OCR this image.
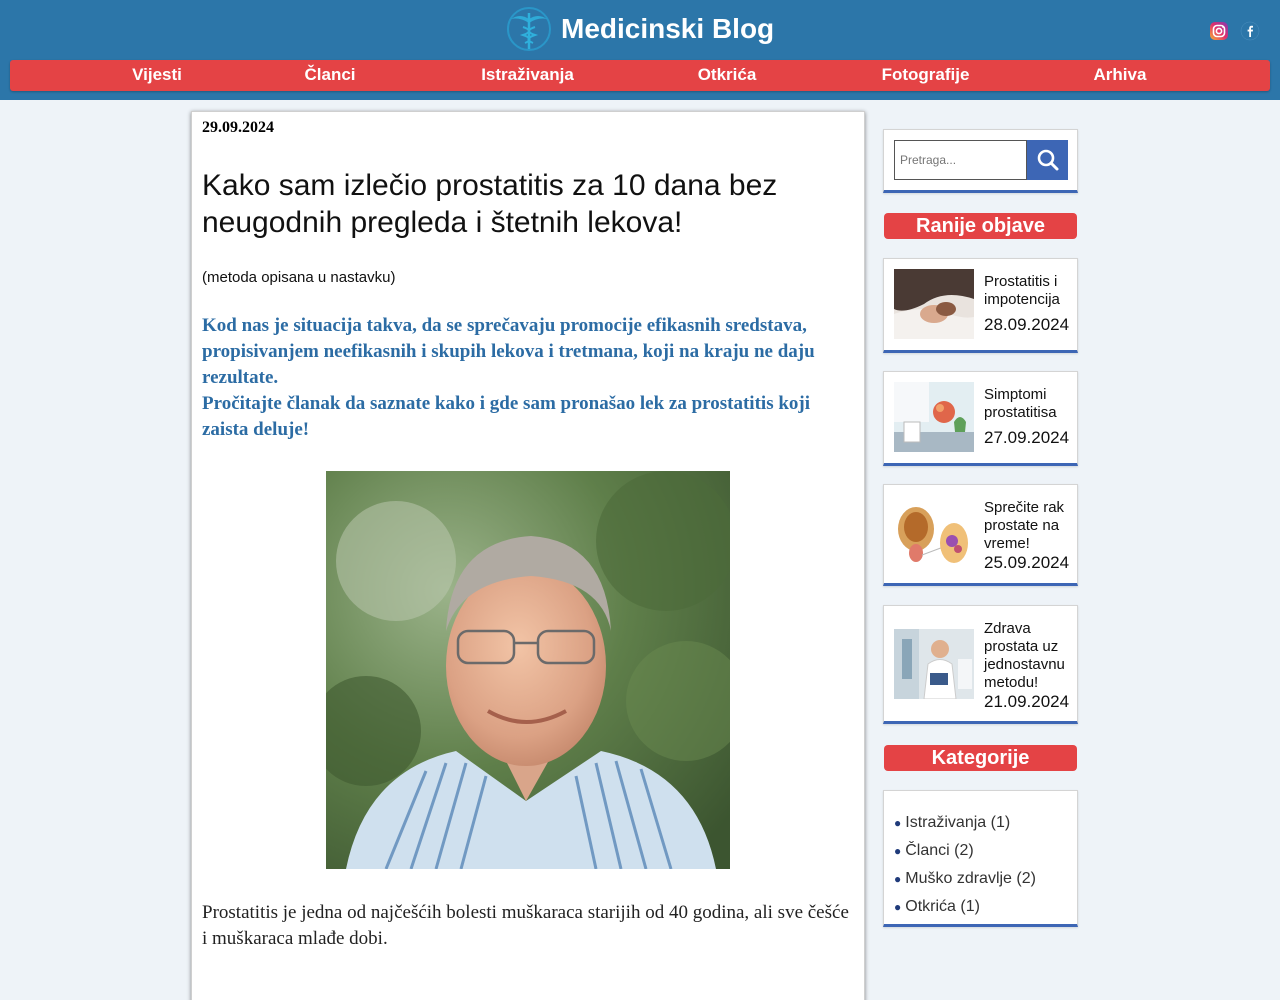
Medicinski Blog
Vijesti	Članci	Istraživanja	Otkrića	Fotografije	Arhiva
29.09.2024
Kako sam izlečio prostatitis za 10 dana bez neugodnih pregleda i štetnih lekova!
(metoda opisana u nastavku)
Kod nas je situacija takva, da se sprečavaju promocije efikasnih sredstava, propisivanjem neefikasnih i skupih lekova i tretmana, koji na kraju ne daju rezultate.
Pročitajte članak da saznate kako i gde sam pronašao lek za prostatitis koji zaista deluje!
Prostatitis je jedna od najčešćih bolesti muškaraca starijih od 40 godina, ali sve češće i muškaraca mlađe dobi.
Pretraga...
Ranije objave
Prostatitis i impotencija
28.09.2024
Simptomi prostatitisa
27.09.2024
Sprečite rak prostate na vreme!
25.09.2024
Zdrava prostata uz jednostavnu metodu!
21.09.2024
Kategorije
● Istraživanja (1)
● Članci (2)
● Muško zdravlje (2)
● Otkrića (1)
